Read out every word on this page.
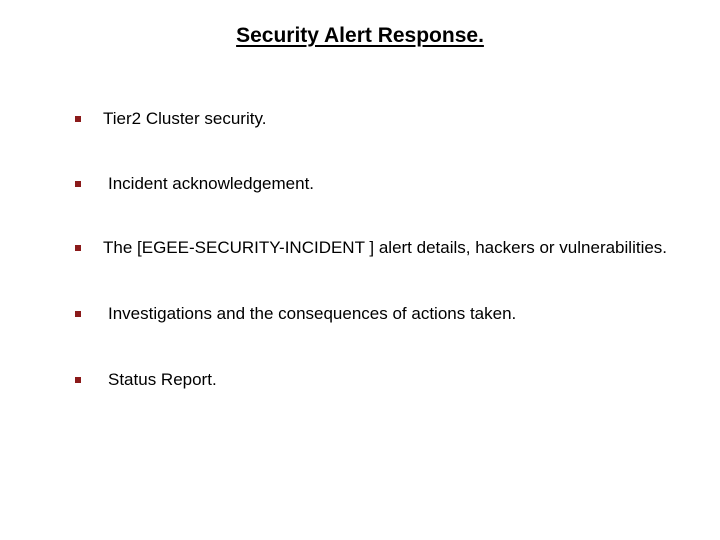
Security Alert Response.
Tier2 Cluster security.
Incident acknowledgement.
The [EGEE-SECURITY-INCIDENT ] alert details, hackers or vulnerabilities.
Investigations and the consequences of actions taken.
Status Report.
